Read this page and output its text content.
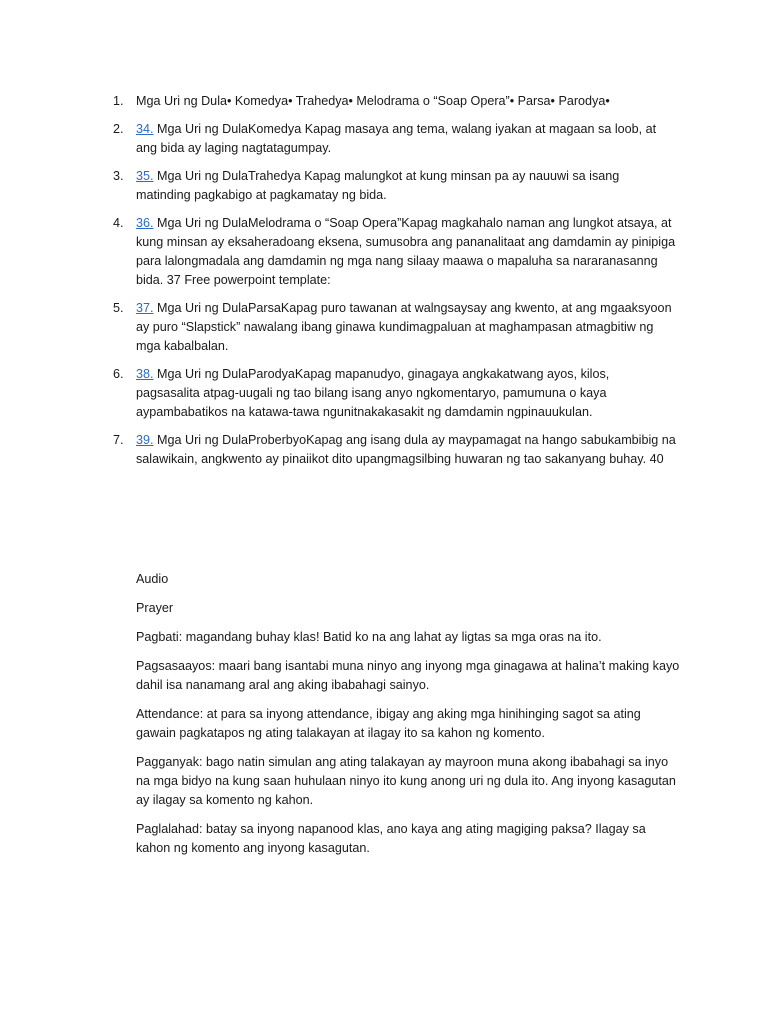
1. Mga Uri ng Dula• Komedya• Trahedya• Melodrama o “Soap Opera”• Parsa• Parodya•
2. 34. Mga Uri ng DulaKomedya Kapag masaya ang tema, walang iyakan at magaan sa loob, at ang bida ay laging nagtatagumpay.
3. 35. Mga Uri ng DulaTrahedya Kapag malungkot at kung minsan pa ay nauuwi sa isang matinding pagkabigo at pagkamatay ng bida.
4. 36. Mga Uri ng DulaMelodrama o “Soap Opera”Kapag magkahalo naman ang lungkot atsaya, at kung minsan ay eksaheradoang eksena, sumusobra ang pananalitaat ang damdamin ay pinipiga para lalongmadala ang damdamin ng mga nang silaay maawa o mapaluha sa nararanasanng bida. 37 Free powerpoint template:
5. 37. Mga Uri ng DulaParsaKapag puro tawanan at walngsaysay ang kwento, at ang mgaaksyoon ay puro “Slapstick” nawalang ibang ginawa kundimagpaluan at maghampasan atmagbitiw ng mga kabalbalan.
6. 38. Mga Uri ng DulaParodyaKapag mapanudyo, ginagaya angkakatwang ayos, kilos, pagsasalita atpag-uugali ng tao bilang isang anyo ngkomentaryo, pamumuna o kaya aypambabatikos na katawa-tawa ngunitnakakasakit ng damdamin ngpinauukulan.
7. 39. Mga Uri ng DulaProberbyoKapag ang isang dula ay maypamagat na hango sabukambibig na salawikain, angkwento ay pinaiikot dito upangmagsilbing huwaran ng tao sakanyang buhay. 40

Audio

Prayer

Pagbati: magandang buhay klas! Batid ko na ang lahat ay ligtas sa mga oras na ito.

Pagsasaayos: maari bang isantabi muna ninyo ang inyong mga ginagawa at halina’t making kayo dahil isa nanamang aral ang aking ibabahagi sainyo.

Attendance: at para sa inyong attendance, ibigay ang aking mga hinihinging sagot sa ating gawain pagkatapos ng ating talakayan at ilagay ito sa kahon ng komento.

Pagganyak: bago natin simulan ang ating talakayan ay mayroon muna akong ibabahagi sa inyo na mga bidyo na kung saan huhulaan ninyo ito kung anong uri ng dula ito. Ang inyong kasagutan ay ilagay sa komento ng kahon.

Paglalahad: batay sa inyong napanood klas, ano kaya ang ating magiging paksa? Ilagay sa kahon ng komento ang inyong kasagutan.
